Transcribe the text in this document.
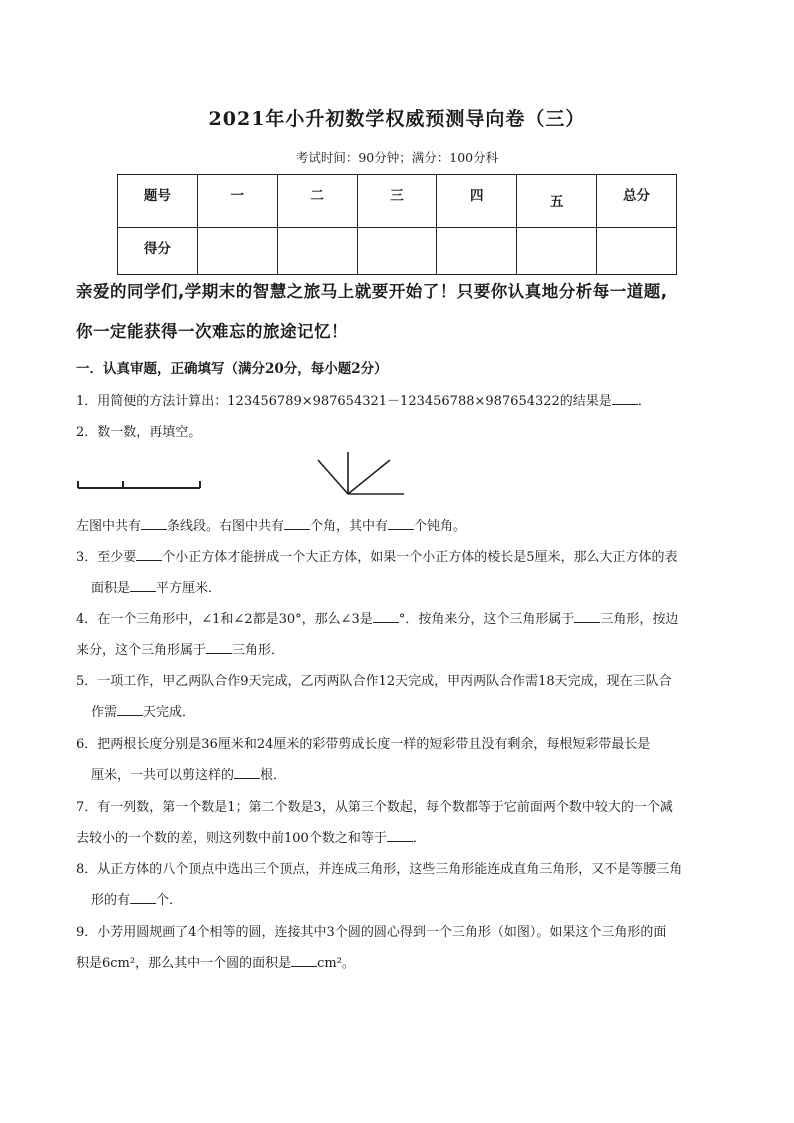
2021年小升初数学权威预测导向卷（三）
考试时间：90分钟；满分：100分科
题号	一	二	三	四	五	总分
得分						
亲爱的同学们,学期末的智慧之旅马上就要开始了！只要你认真地分析每一道题,
你一定能获得一次难忘的旅途记忆！
一．认真审题，正确填写（满分20分，每小题2分）
1．用简便的方法计算出：123456789×987654321－123456788×987654322的结果是 ．
2．数一数，再填空。
左图中共有 条线段。右图中共有 个角，其中有 个钝角。
3．至少要 个小正方体才能拼成一个大正方体，如果一个小正方体的棱长是5厘米，那么大正方体的表
面积是 平方厘米．
4．在一个三角形中，∠1和∠2都是30°，那么∠3是 °．按角来分，这个三角形属于 三角形，按边
来分，这个三角形属于 三角形．
5．一项工作，甲乙两队合作9天完成，乙丙两队合作12天完成，甲丙两队合作需18天完成，现在三队合
作需 天完成．
6．把两根长度分别是36厘米和24厘米的彩带剪成长度一样的短彩带且没有剩余，每根短彩带最长是
厘米，一共可以剪这样的 根．
7．有一列数，第一个数是1；第二个数是3，从第三个数起，每个数都等于它前面两个数中较大的一个减
去较小的一个数的差，则这列数中前100个数之和等于 ．
8．从正方体的八个顶点中选出三个顶点，并连成三角形，这些三角形能连成直角三角形，又不是等腰三角
形的有 个．
9．小芳用圆规画了4个相等的圆，连接其中3个圆的圆心得到一个三角形（如图）。如果这个三角形的面
积是6cm²，那么其中一个圆的面积是 cm²。
